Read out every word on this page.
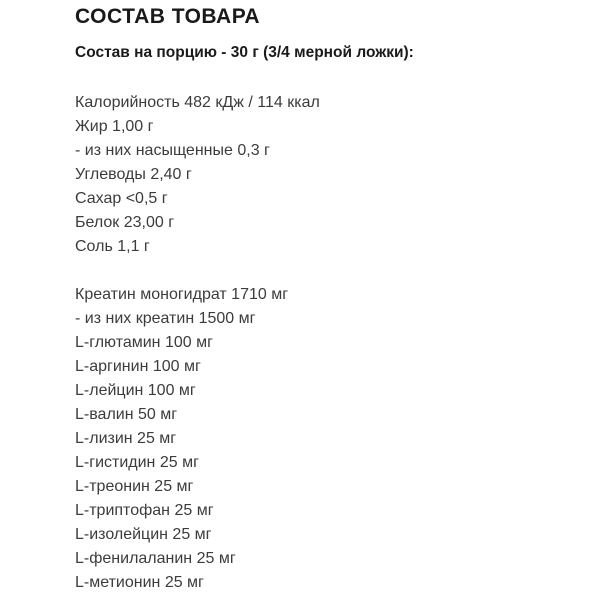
СОСТАВ ТОВАРА

Состав на порцию - 30 г (3/4 мерной ложки):

Калорийность 482 кДж / 114 ккал
Жир 1,00 г
- из них насыщенные 0,3 г
Углеводы 2,40 г
Сахар <0,5 г
Белок 23,00 г
Соль 1,1 г
Креатин моногидрат 1710 мг
- из них креатин 1500 мг
L-глютамин 100 мг
L-аргинин 100 мг
L-лейцин 100 мг
L-валин 50 мг
L-лизин 25 мг
L-гистидин 25 мг
L-треонин 25 мг
L-триптофан 25 мг
L-изолейцин 25 мг
L-фенилаланин 25 мг
L-метионин 25 мг
